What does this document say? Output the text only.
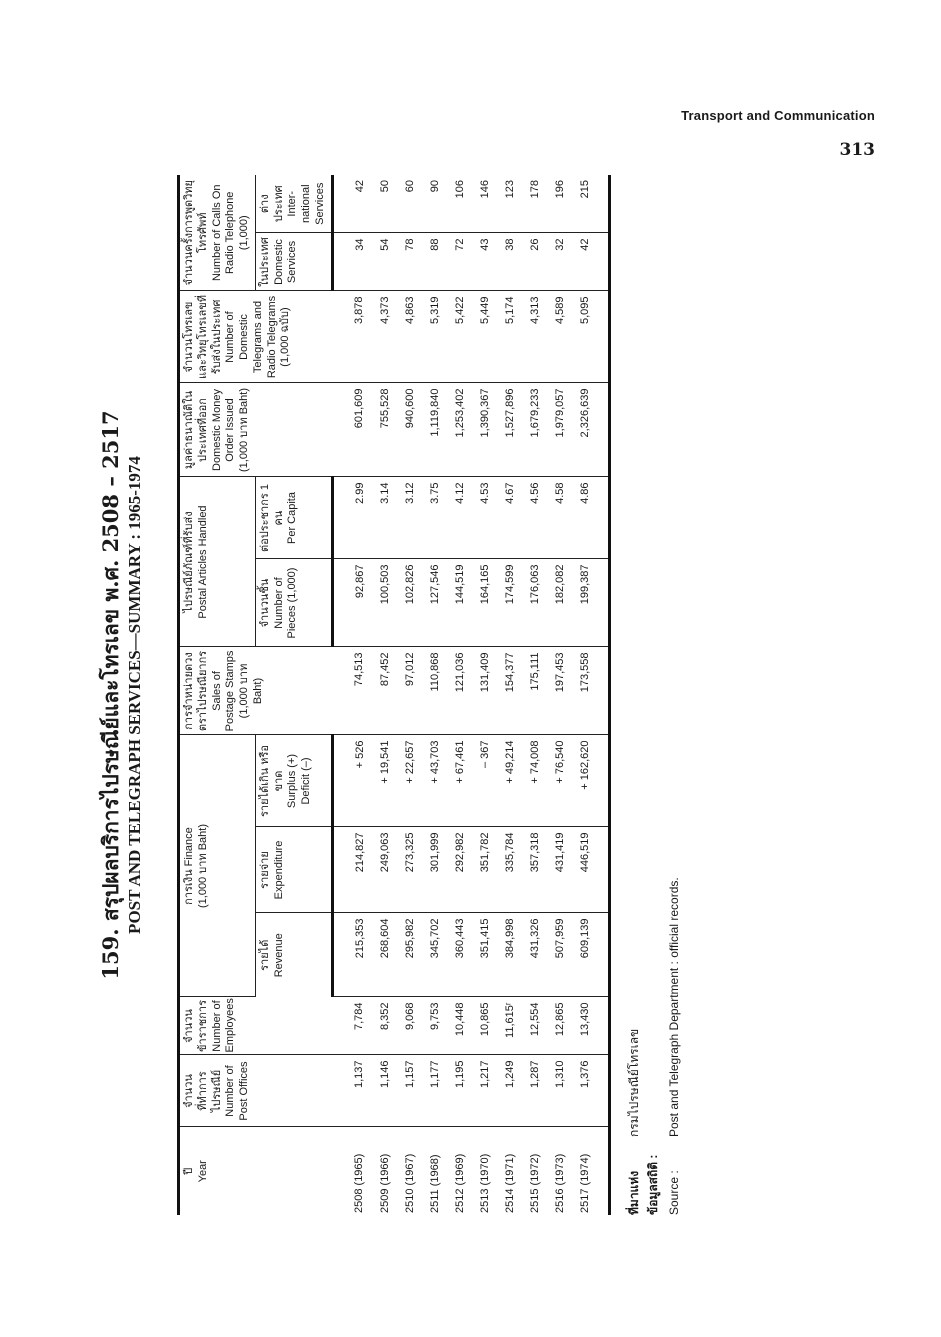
Transport and Communication
313
159. สรุปผลบริการไปรษณีย์และโทรเลข พ.ศ. 2508 – 2517 POST AND TELEGRAPH SERVICES—SUMMARY : 1965-1974
ปี Year	จำนวนที่ทำการไปรษณีย์ Number of Post Offices	จำนวนข้าราชการ Number of Employees	การเงิน Finance (1,000 บาท Baht)			การจำหน่ายดวงตราไปรษณียากร Sales of Postage Stamps (1,000 บาท Baht)	ไปรษณีย์ภัณฑ์ที่รับส่ง Postal Articles Handled		มูลค่าธนาณัติในประเทศที่ออก Domestic Money Order Issued (1,000 บาท Baht)	จำนวนโทรเลขและวิทยุโทรเลขที่รับส่งในประเทศ Number of Domestic Telegrams and Radio Telegrams (1,000 ฉบับ)	จำนวนครั้งการพูดวิทยุโทรศัพท์ Number of Calls On Radio Telephone (1,000)	

			รายได้ Revenue	รายจ่าย Expenditure	รายได้เกิน หรือขาด Surplus (+) Deficit (–)		จำนวนชิ้น Number of Pieces (1,000)	ต่อประชากร 1 คน Per Capita			ในประเทศ Domestic Services	ต่างประเทศ Inter-national Services

2508 (1965)	1,137	7,784	215,353	214,827	+ 526	74,513	92,867	2.99	601,609	3,878	34	42
2509 (1966)	1,146	8,352	268,604	249,063	+ 19,541	87,452	100,503	3.14	755,528	4,373	54	50
2510 (1967)	1,157	9,068	295,982	273,325	+ 22,657	97,012	102,826	3.12	940,600	4,863	78	60
2511 (1968)	1,177	9,753	345,702	301,999	+ 43,703	110,868	127,546	3.75	1,119,840	5,319	88	90
2512 (1969)	1,195	10,448	360,443	292,982	+ 67,461	121,036	144,519	4.12	1,253,402	5,422	72	106
2513 (1970)	1,217	10,865	351,415	351,782	– 367	131,409	164,165	4.53	1,390,367	5,449	43	146
2514 (1971)	1,249	11,615ʳ	384,998	335,784	+ 49,214	154,377	174,599	4.67	1,527,896	5,174	38	123
2515 (1972)	1,287	12,554	431,326	357,318	+ 74,008	175,111	176,063	4.56	1,679,233	4,313	26	178
2516 (1973)	1,310	12,865	507,959	431,419	+ 76,540	197,453	182,082	4.58	1,979,057	4,589	32	196
2517 (1974)	1,376	13,430	609,139	446,519	+ 162,620	173,558	199,387	4.86	2,326,639	5,095	42	215
ที่มาแห่งข้อมูลสถิติ :
กรมไปรษณีย์โทรเลข
Source :
Post and Telegraph Department : official records.
